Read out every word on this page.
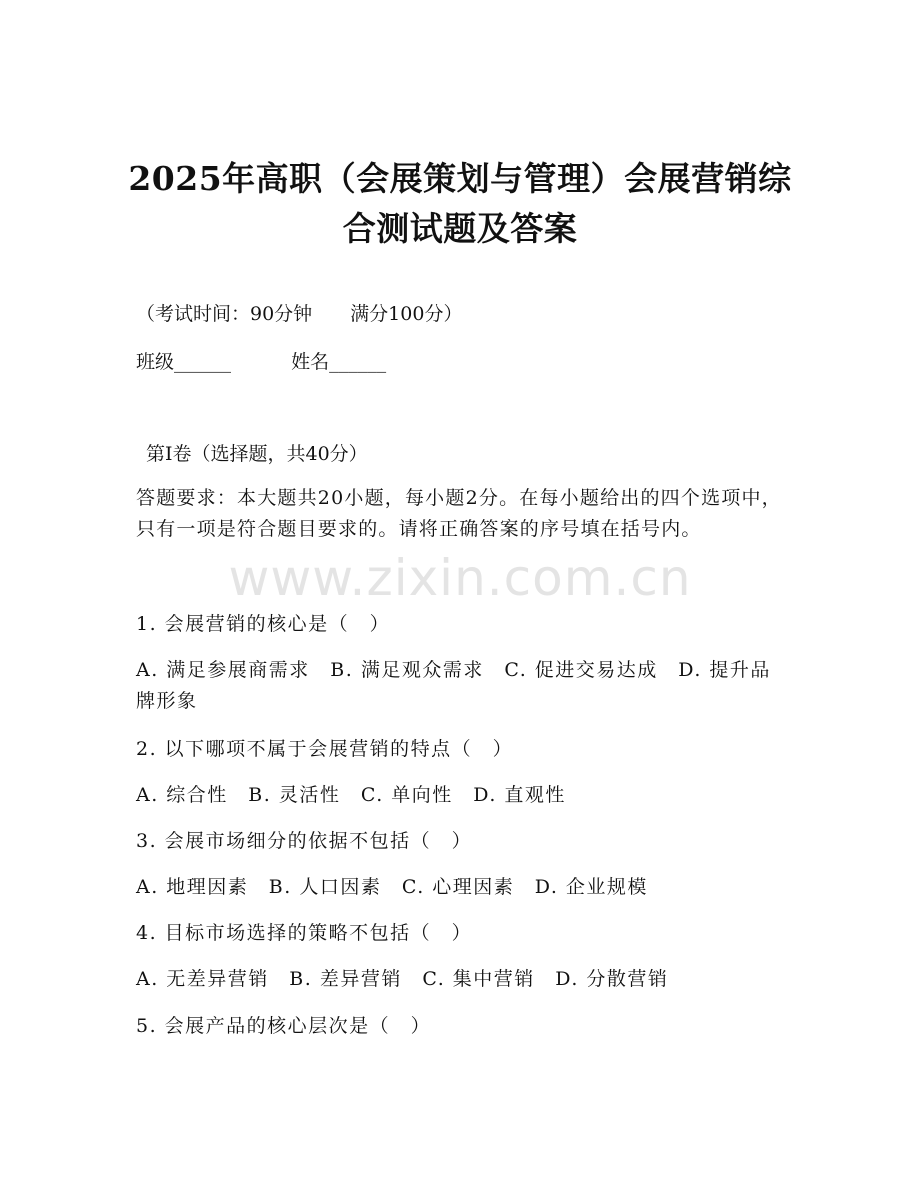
2025年高职（会展策划与管理）会展营销综
合测试题及答案
（考试时间：90分钟　　满分100分）
班级______	姓名______
第Ⅰ卷（选择题，共40分）
答题要求：本大题共20小题，每小题2分。在每小题给出的四个选项中，只有一项是符合题目要求的。请将正确答案的序号填在括号内。
www.zixin.com.cn
1. 会展营销的核心是（　）
A. 满足参展商需求　B. 满足观众需求　C. 促进交易达成　D. 提升品牌形象
2. 以下哪项不属于会展营销的特点（　）
A. 综合性　B. 灵活性　C. 单向性　D. 直观性
3. 会展市场细分的依据不包括（　）
A. 地理因素　B. 人口因素　C. 心理因素　D. 企业规模
4. 目标市场选择的策略不包括（　）
A. 无差异营销　B. 差异营销　C. 集中营销　D. 分散营销
5. 会展产品的核心层次是（　）
